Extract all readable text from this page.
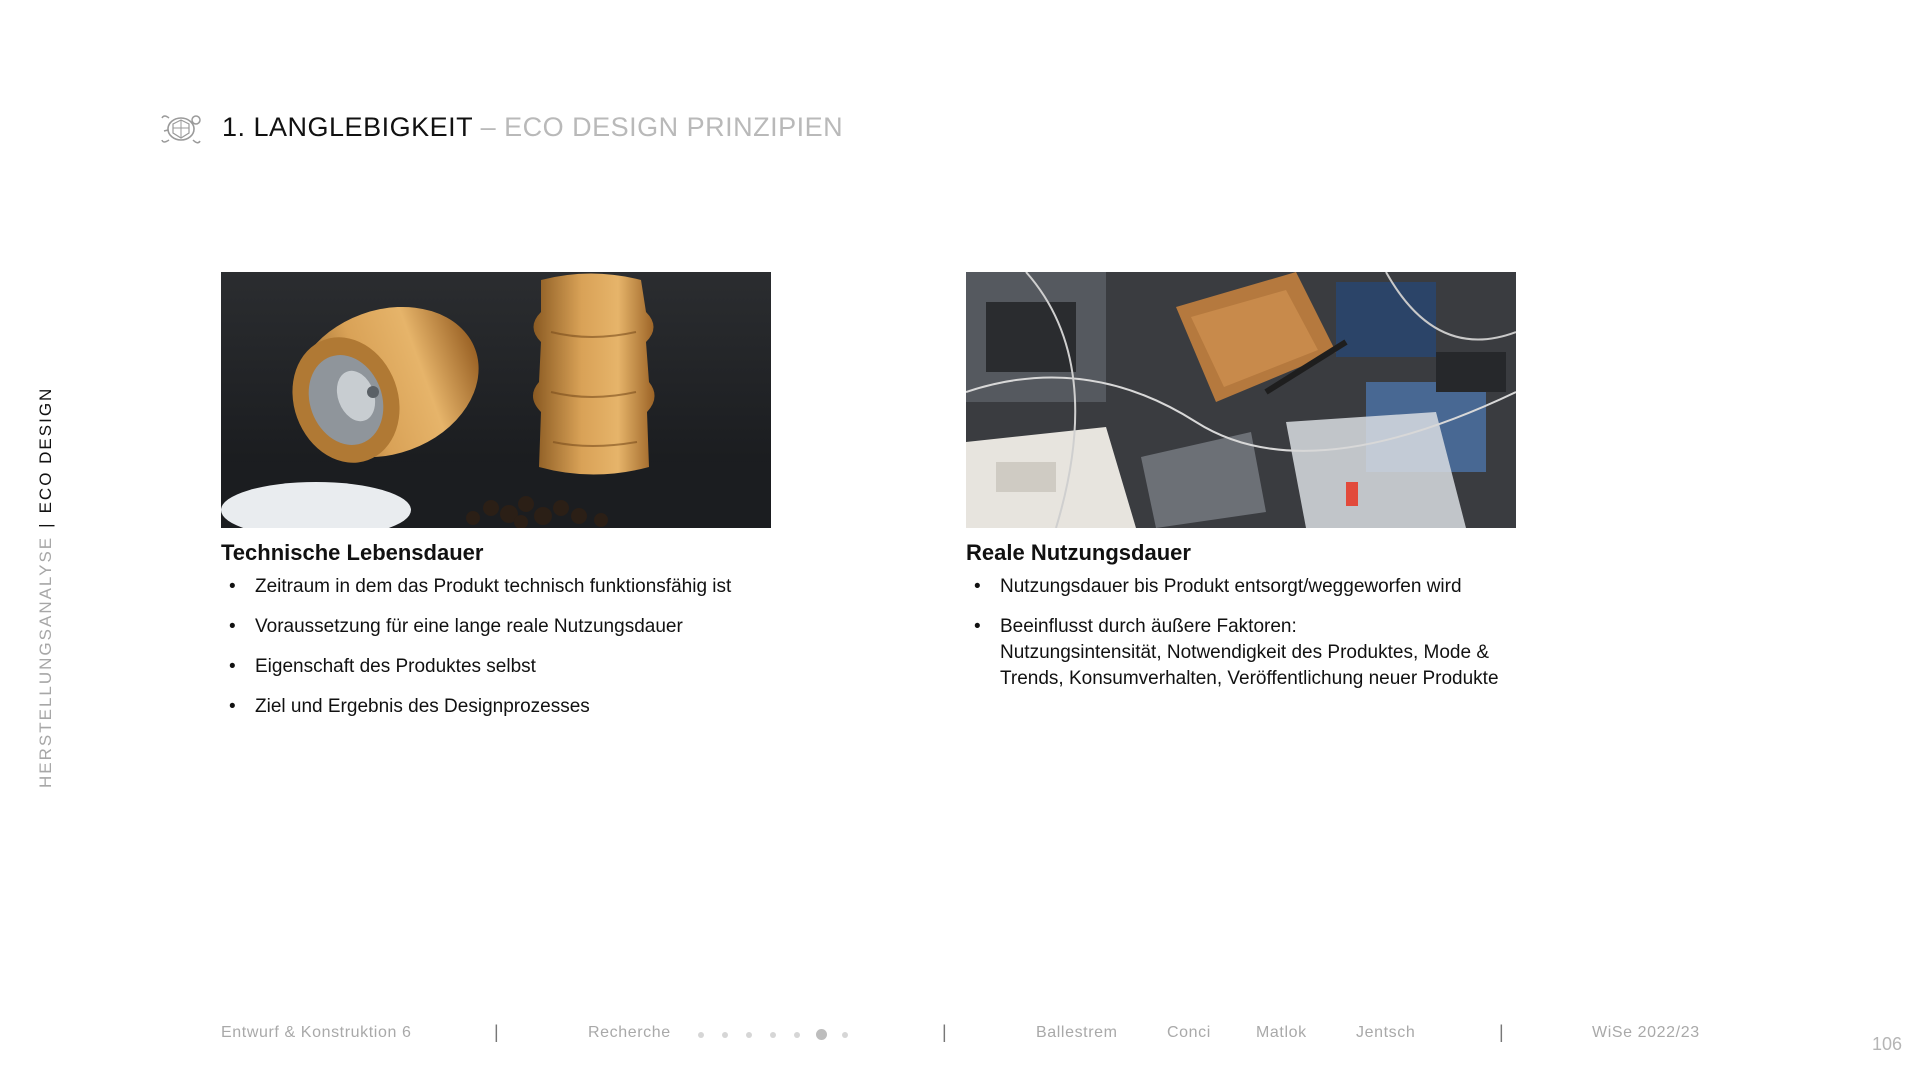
1. LANGLEBIGKEIT – ECO DESIGN PRINZIPIEN
HERSTELLUNGSANALYSE|ECO DESIGN
Technische Lebensdauer
• Zeitraum in dem das Produkt technisch funktionsfähig ist
• Voraussetzung für eine lange reale Nutzungsdauer
• Eigenschaft des Produktes selbst
• Ziel und Ergebnis des Designprozesses
Reale Nutzungsdauer
• Nutzungsdauer bis Produkt entsorgt/weggeworfen wird
• Beeinflusst durch äußere Faktoren:
Nutzungsintensität, Notwendigkeit des Produktes, Mode &
Trends, Konsumverhalten, Veröffentlichung neuer Produkte
Entwurf & Konstruktion 6	|	Recherche	|	Ballestrem	Conci	Matlok	Jentsch	|	WiSe 2022/23
106
